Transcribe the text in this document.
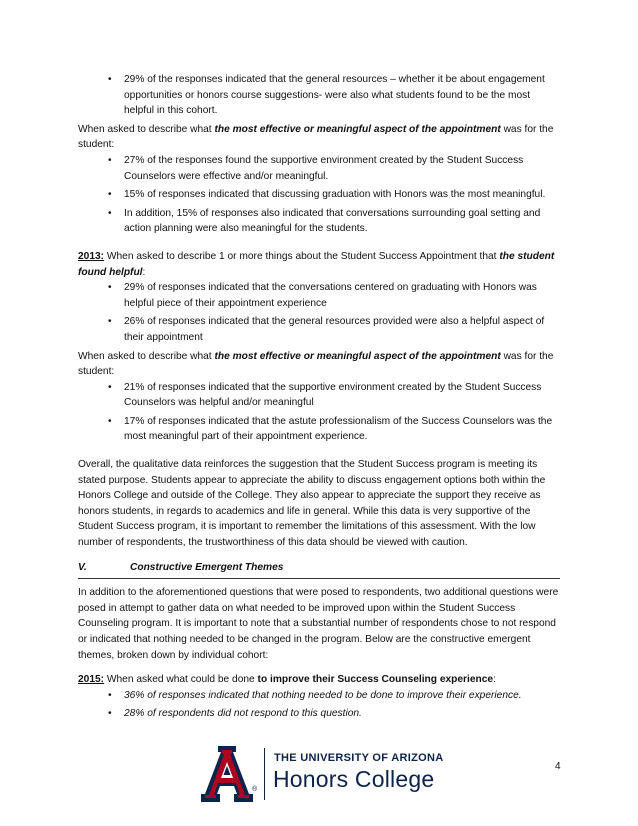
• 29% of the responses indicated that the general resources – whether it be about engagement opportunities or honors course suggestions- were also what students found to be the most helpful in this cohort.

When asked to describe what the most effective or meaningful aspect of the appointment was for the student:

• 27% of the responses found the supportive environment created by the Student Success Counselors were effective and/or meaningful.
• 15% of responses indicated that discussing graduation with Honors was the most meaningful.
• In addition, 15% of responses also indicated that conversations surrounding goal setting and action planning were also meaningful for the students.

2013: When asked to describe 1 or more things about the Student Success Appointment that the student found helpful:

• 29% of responses indicated that the conversations centered on graduating with Honors was helpful piece of their appointment experience
• 26% of responses indicated that the general resources provided were also a helpful aspect of their appointment

When asked to describe what the most effective or meaningful aspect of the appointment was for the student:

• 21% of responses indicated that the supportive environment created by the Student Success Counselors was helpful and/or meaningful
• 17% of responses indicated that the astute professionalism of the Success Counselors was the most meaningful part of their appointment experience.

Overall, the qualitative data reinforces the suggestion that the Student Success program is meeting its stated purpose. Students appear to appreciate the ability to discuss engagement options both within the Honors College and outside of the College. They also appear to appreciate the support they receive as honors students, in regards to academics and life in general. While this data is very supportive of the Student Success program, it is important to remember the limitations of this assessment. With the low number of respondents, the trustworthiness of this data should be viewed with caution.

V.	Constructive Emergent Themes

In addition to the aforementioned questions that were posed to respondents, two additional questions were posed in attempt to gather data on what needed to be improved upon within the Student Success Counseling program. It is important to note that a substantial number of respondents chose to not respond or indicated that nothing needed to be changed in the program. Below are the constructive emergent themes, broken down by individual cohort:

2015: When asked what could be done to improve their Success Counseling experience:

• 36% of responses indicated that nothing needed to be done to improve their experience.
• 28% of respondents did not respond to this question.
®
THE UNIVERSITY OF ARIZONA
Honors College	4
